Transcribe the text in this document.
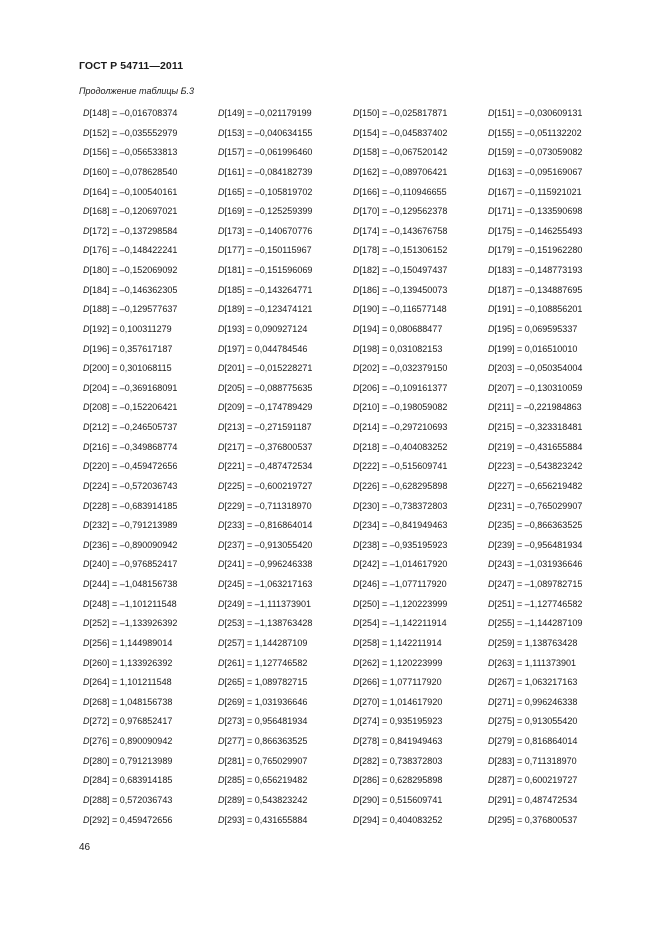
ГОСТ Р 54711—2011
Продолжение таблицы Б.3
D[148] = –0,016708374	D[149] = –0,021179199	D[150] = –0,025817871	D[151] = –0,030609131
D[152] = –0,035552979	D[153] = –0,040634155	D[154] = –0,045837402	D[155] = –0,051132202
D[156] = –0,056533813	D[157] = –0,061996460	D[158] = –0,067520142	D[159] = –0,073059082
D[160] = –0,078628540	D[161] = –0,084182739	D[162] = –0,089706421	D[163] = –0,095169067
D[164] = –0,100540161	D[165] = –0,105819702	D[166] = –0,110946655	D[167] = –0,115921021
D[168] = –0,120697021	D[169] = –0,125259399	D[170] = –0,129562378	D[171] = –0,133590698
D[172] = –0,137298584	D[173] = –0,140670776	D[174] = –0,143676758	D[175] = –0,146255493
D[176] = –0,148422241	D[177] = –0,150115967	D[178] = –0,151306152	D[179] = –0,151962280
D[180] = –0,152069092	D[181] = –0,151596069	D[182] = –0,150497437	D[183] = –0,148773193
D[184] = –0,146362305	D[185] = –0,143264771	D[186] = –0,139450073	D[187] = –0,134887695
D[188] = –0,129577637	D[189] = –0,123474121	D[190] = –0,116577148	D[191] = –0,108856201
D[192] = 0,100311279	D[193] = 0,090927124	D[194] = 0,080688477	D[195] = 0,069595337
D[196] = 0,357617187	D[197] = 0,044784546	D[198] = 0,031082153	D[199] = 0,016510010
D[200] = 0,301068115	D[201] = –0,015228271	D[202] = –0,032379150	D[203] = –0,050354004
D[204] = –0,369168091	D[205] = –0,088775635	D[206] = –0,109161377	D[207] = –0,130310059
D[208] = –0,152206421	D[209] = –0,174789429	D[210] = –0,198059082	D[211] = –0,221984863
D[212] = –0,246505737	D[213] = –0,271591187	D[214] = –0,297210693	D[215] = –0,323318481
D[216] = –0,349868774	D[217] = –0,376800537	D[218] = –0,404083252	D[219] = –0,431655884
D[220] = –0,459472656	D[221] = –0,487472534	D[222] = –0,515609741	D[223] = –0,543823242
D[224] = –0,572036743	D[225] = –0,600219727	D[226] = –0,628295898	D[227] = –0,656219482
D[228] = –0,683914185	D[229] = –0,711318970	D[230] = –0,738372803	D[231] = –0,765029907
D[232] = –0,791213989	D[233] = –0,816864014	D[234] = –0,841949463	D[235] = –0,866363525
D[236] = –0,890090942	D[237] = –0,913055420	D[238] = –0,935195923	D[239] = –0,956481934
D[240] = –0,976852417	D[241] = –0,996246338	D[242] = –1,014617920	D[243] = –1,031936646
D[244] = –1,048156738	D[245] = –1,063217163	D[246] = –1,077117920	D[247] = –1,089782715
D[248] = –1,101211548	D[249] = –1,111373901	D[250] = –1,120223999	D[251] = –1,127746582
D[252] = –1,133926392	D[253] = –1,138763428	D[254] = –1,142211914	D[255] = –1,144287109
D[256] = 1,144989014	D[257] = 1,144287109	D[258] = 1,142211914	D[259] = 1,138763428
D[260] = 1,133926392	D[261] = 1,127746582	D[262] = 1,120223999	D[263] = 1,111373901
D[264] = 1,101211548	D[265] = 1,089782715	D[266] = 1,077117920	D[267] = 1,063217163
D[268] = 1,048156738	D[269] = 1,031936646	D[270] = 1,014617920	D[271] = 0,996246338
D[272] = 0,976852417	D[273] = 0,956481934	D[274] = 0,935195923	D[275] = 0,913055420
D[276] = 0,890090942	D[277] = 0,866363525	D[278] = 0,841949463	D[279] = 0,816864014
D[280] = 0,791213989	D[281] = 0,765029907	D[282] = 0,738372803	D[283] = 0,711318970
D[284] = 0,683914185	D[285] = 0,656219482	D[286] = 0,628295898	D[287] = 0,600219727
D[288] = 0,572036743	D[289] = 0,543823242	D[290] = 0,515609741	D[291] = 0,487472534
D[292] = 0,459472656	D[293] = 0,431655884	D[294] = 0,404083252	D[295] = 0,376800537
46
